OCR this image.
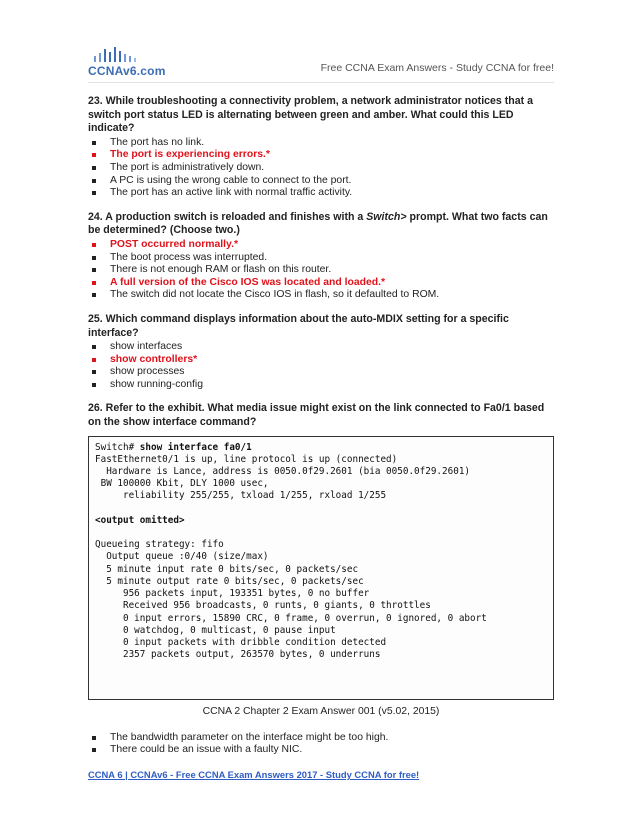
CCNAv6.com	Free CCNA Exam Answers - Study CCNA for free!

23. While troubleshooting a connectivity problem, a network administrator notices that a switch port status LED is alternating between green and amber. What could this LED indicate?

The port has no link.
The port is experiencing errors.*
The port is administratively down.
A PC is using the wrong cable to connect to the port.
The port has an active link with normal traffic activity.

24. A production switch is reloaded and finishes with a Switch> prompt. What two facts can be determined? (Choose two.)

POST occurred normally.*
The boot process was interrupted.
There is not enough RAM or flash on this router.
A full version of the Cisco IOS was located and loaded.*
The switch did not locate the Cisco IOS in flash, so it defaulted to ROM.

25. Which command displays information about the auto-MDIX setting for a specific interface?

show interfaces
show controllers*
show processes
show running-config

26. Refer to the exhibit. What media issue might exist on the link connected to Fa0/1 based on the show interface command?

Switch# show interface fa0/1
FastEthernet0/1 is up, line protocol is up (connected)
Hardware is Lance, address is 0050.0f29.2601 (bia 0050.0f29.2601)
BW 100000 Kbit, DLY 1000 usec,
reliability 255/255, txload 1/255, rxload 1/255

<output omitted>

Queueing strategy: fifo
Output queue :0/40 (size/max)
5 minute input rate 0 bits/sec, 0 packets/sec
5 minute output rate 0 bits/sec, 0 packets/sec
956 packets input, 193351 bytes, 0 no buffer
Received 956 broadcasts, 0 runts, 0 giants, 0 throttles
0 input errors, 15890 CRC, 0 frame, 0 overrun, 0 ignored, 0 abort
0 watchdog, 0 multicast, 0 pause input
0 input packets with dribble condition detected
2357 packets output, 263570 bytes, 0 underruns
CCNA 2 Chapter 2 Exam Answer 001 (v5.02, 2015)
The bandwidth parameter on the interface might be too high.
There could be an issue with a faulty NIC.
CCNA 6 | CCNAv6 - Free CCNA Exam Answers 2017 - Study CCNA for free!
